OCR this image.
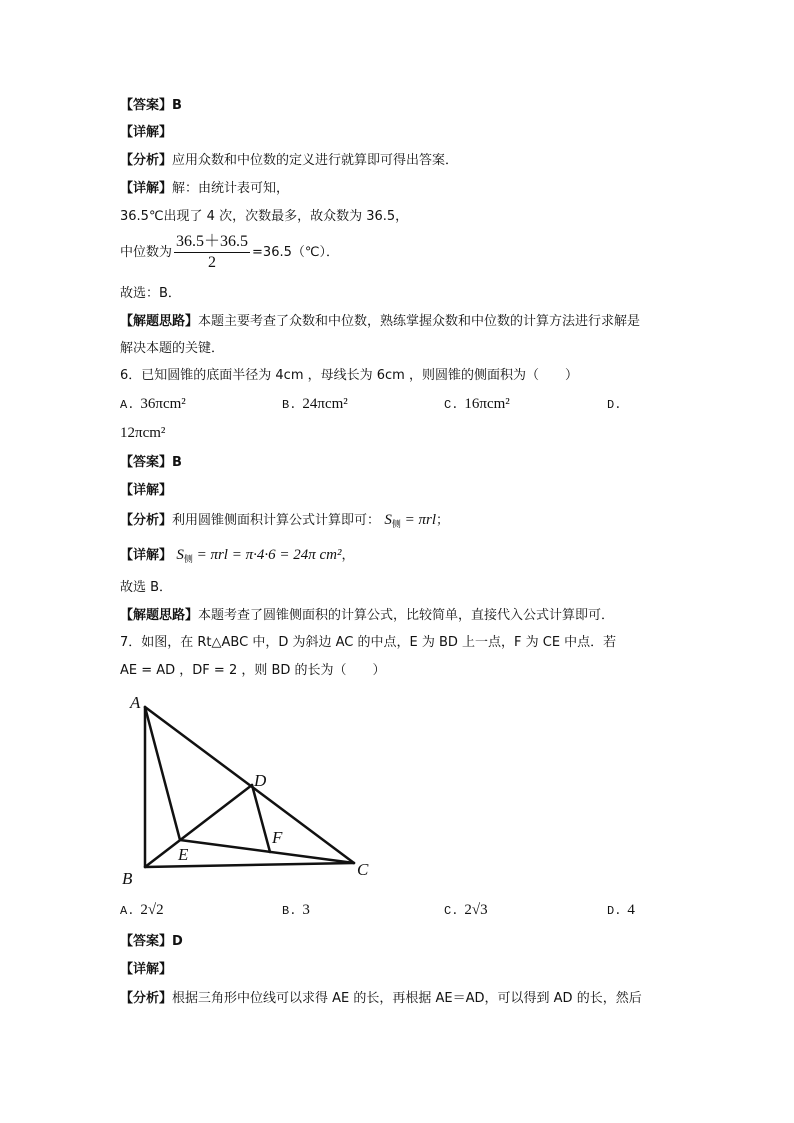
【答案】B
【详解】
【分析】应用众数和中位数的定义进行就算即可得出答案．
【详解】解：由统计表可知，
36.5℃出现了 4 次，次数最多，故众数为 36.5，
中位数为 $\frac{36.5+36.5}{2}$ =36.5（℃）．
故选：B．
【解题思路】本题主要考查了众数和中位数，熟练掌握众数和中位数的计算方法进行求解是
解决本题的关键．
6．已知圆锥的底面半径为 4cm ，母线长为 6cm ，则圆锥的侧面积为（　　）
A. 36πcm²	B. 24πcm²	C. 16πcm²	D.
12πcm²
【答案】B
【详解】
【分析】利用圆锥侧面积计算公式计算即可： $S_侧 = \pi rl$；
【详解】 $S_侧 = \pi rl = \pi\cdot 4\cdot 6 = 24\pi$ cm²，
故选 B．
【解题思路】本题考查了圆锥侧面积的计算公式，比较简单，直接代入公式计算即可．
7．如图，在 Rt△ABC 中，D 为斜边 AC 的中点，E 为 BD 上一点，F 为 CE 中点．若
AE = AD ，DF = 2 ，则 BD 的长为（　　）
A
B	C
D
E
F
A. 2√2	B. 3	C. 2√3	D. 4
【答案】D
【详解】
【分析】根据三角形中位线可以求得 AE 的长，再根据 AE＝AD，可以得到 AD 的长，然后
